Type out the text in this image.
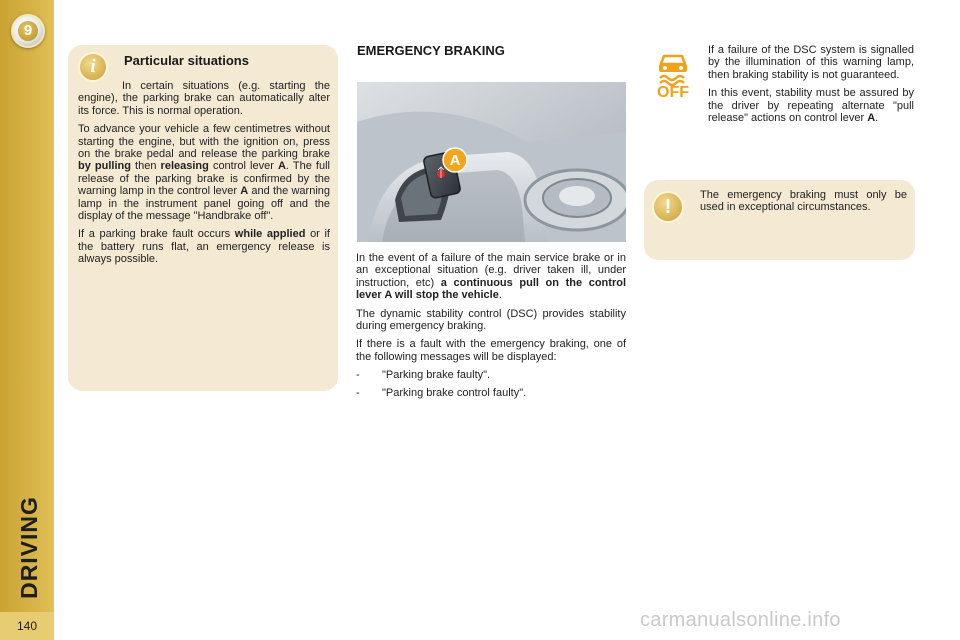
9
DRIVING
140
i	Particular situations

In certain situations (e.g. starting the engine), the parking brake can automatically alter its force. This is normal operation.

To advance your vehicle a few centimetres without starting the engine, but with the ignition on, press on the brake pedal and release the parking brake by pulling then releasing control lever A. The full release of the parking brake is confirmed by the warning lamp in the control lever A and the warning lamp in the instrument panel going off and the display of the message "Handbrake off".

If a parking brake fault occurs while applied or if the battery runs flat, an emergency release is always possible.

EMERGENCY BRAKING
A

In the event of a failure of the main service brake or in an exceptional situation (e.g. driver taken ill, under instruction, etc) a continuous pull on the control lever A will stop the vehicle.

The dynamic stability control (DSC) provides stability during emergency braking.

If there is a fault with the emergency braking, one of the following messages will be displayed:

- "Parking brake faulty".
- "Parking brake control faulty".
OFF

If a failure of the DSC system is signalled by the illumination of this warning lamp, then braking stability is not guaranteed.

In this event, stability must be assured by the driver by repeating alternate "pull release" actions on control lever A.

!
The emergency braking must only be used in exceptional circumstances.
carmanualsonline.info
